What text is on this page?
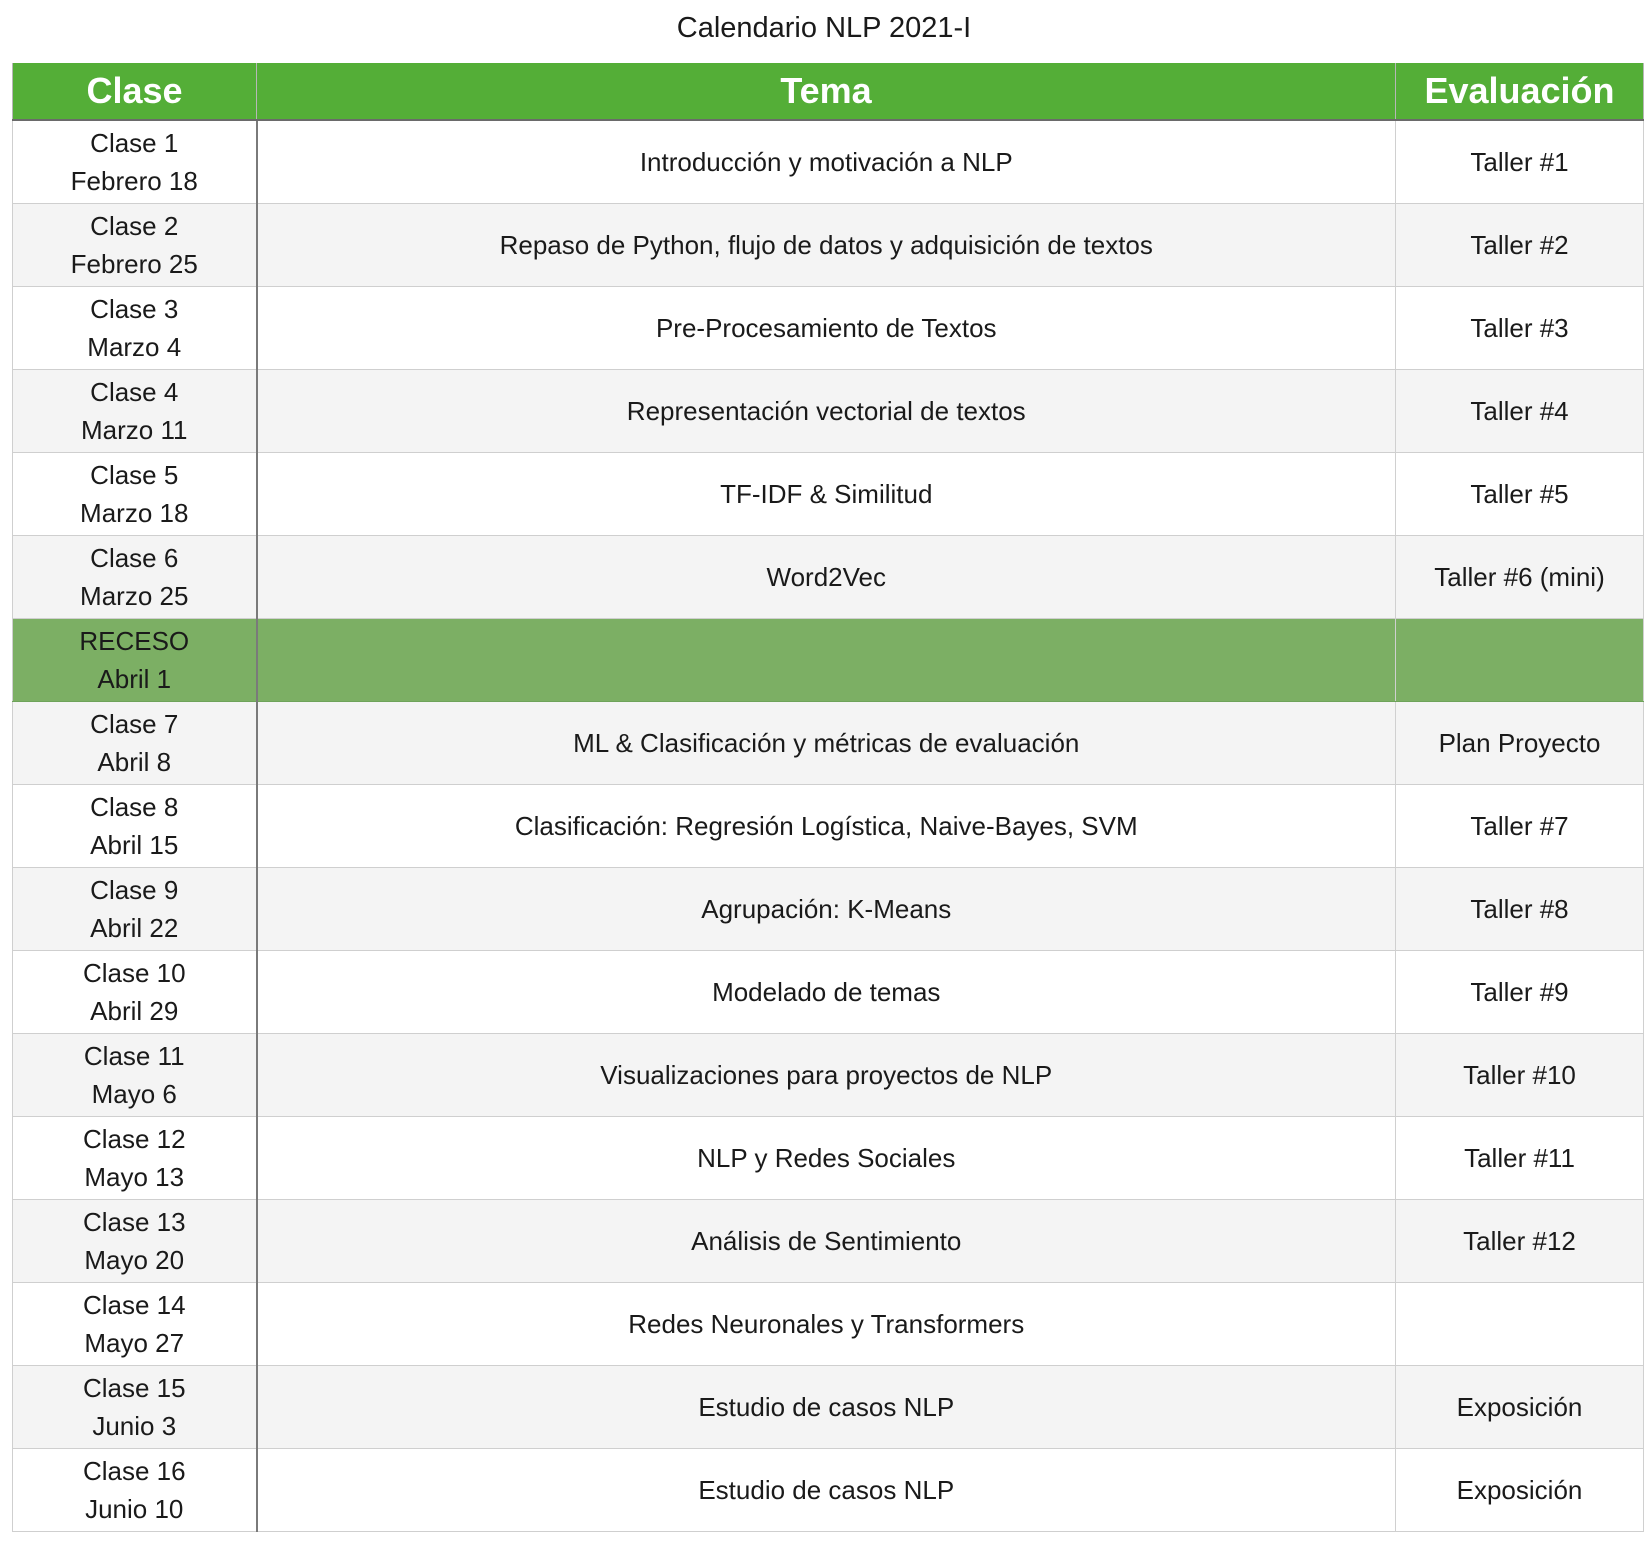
Calendario NLP 2021-I
Clase	Tema	Evaluación

Clase 1
Febrero 18	Introducción y motivación a NLP	Taller #1

Clase 2
Febrero 25	Repaso de Python, flujo de datos y adquisición de textos	Taller #2

Clase 3
Marzo 4	Pre-Procesamiento de Textos	Taller #3

Clase 4
Marzo 11	Representación vectorial de textos	Taller #4

Clase 5
Marzo 18	TF-IDF & Similitud	Taller #5

Clase 6
Marzo 25	Word2Vec	Taller #6 (mini)

RECESO
Abril 1		

Clase 7
Abril 8	ML & Clasificación y métricas de evaluación	Plan Proyecto

Clase 8
Abril 15	Clasificación: Regresión Logística, Naive-Bayes, SVM	Taller #7

Clase 9
Abril 22	Agrupación: K-Means	Taller #8

Clase 10
Abril 29	Modelado de temas	Taller #9

Clase 11
Mayo 6	Visualizaciones para proyectos de NLP	Taller #10

Clase 12
Mayo 13	NLP y Redes Sociales	Taller #11

Clase 13
Mayo 20	Análisis de Sentimiento	Taller #12

Clase 14
Mayo 27	Redes Neuronales y Transformers	

Clase 15
Junio 3	Estudio de casos NLP	Exposición

Clase 16
Junio 10	Estudio de casos NLP	Exposición
